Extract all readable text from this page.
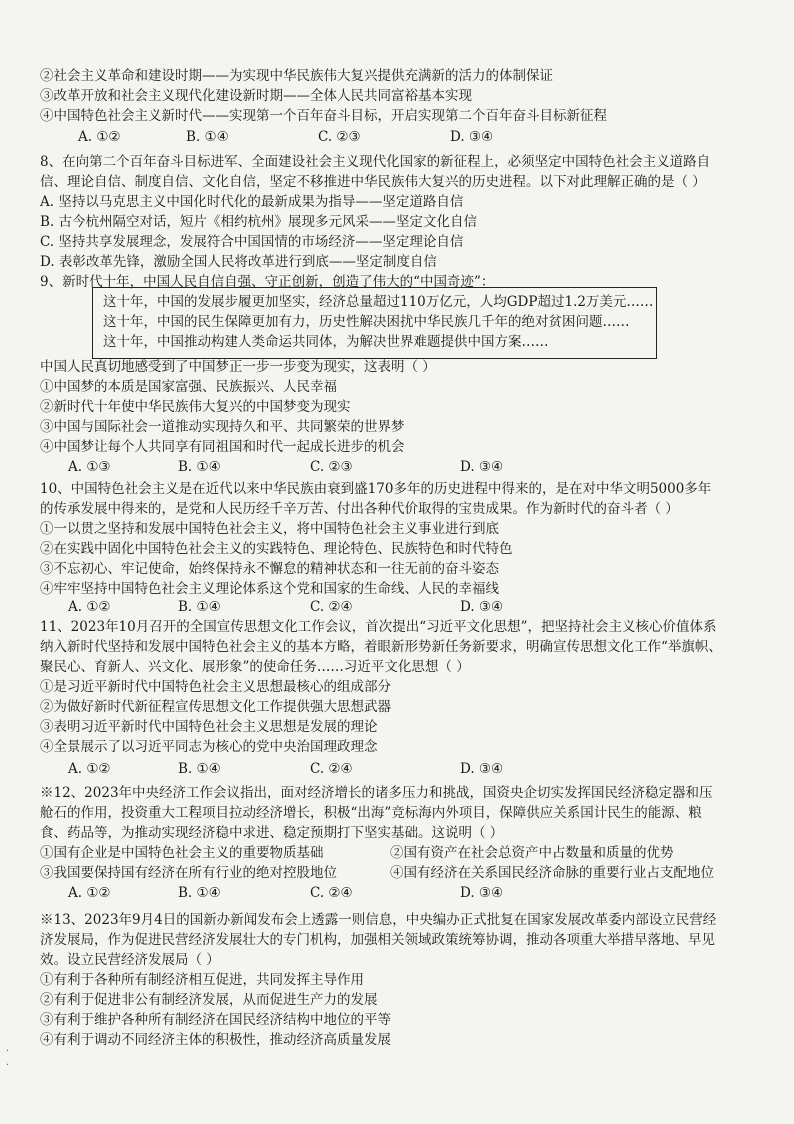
②社会主义革命和建设时期——为实现中华民族伟大复兴提供充满新的活力的体制保证
③改革开放和社会主义现代化建设新时期——全体人民共同富裕基本实现
④中国特色社会主义新时代——实现第一个百年奋斗目标，开启实现第二个百年奋斗目标新征程
A. ①②	B. ①④	C. ②③	D. ③④
8、在向第二个百年奋斗目标进军、全面建设社会主义现代化国家的新征程上，必须坚定中国特色社会主义道路自
信、理论自信、制度自信、文化自信，坚定不移推进中华民族伟大复兴的历史进程。以下对此理解正确的是（ ）
A. 坚持以马克思主义中国化时代化的最新成果为指导——坚定道路自信
B. 古今杭州隔空对话，短片《相约杭州》展现多元风采——坚定文化自信
C. 坚持共享发展理念，发展符合中国国情的市场经济——坚定理论自信
D. 表彰改革先锋，激励全国人民将改革进行到底——坚定制度自信
9、新时代十年，中国人民自信自强、守正创新，创造了伟大的“中国奇迹”：
这十年，中国的发展步履更加坚实，经济总量超过110万亿元，人均GDP超过1.2万美元……
这十年，中国的民生保障更加有力，历史性解决困扰中华民族几千年的绝对贫困问题……
这十年，中国推动构建人类命运共同体，为解决世界难题提供中国方案……
中国人民真切地感受到了中国梦正一步一步变为现实，这表明（ ）
①中国梦的本质是国家富强、民族振兴、人民幸福
②新时代十年使中华民族伟大复兴的中国梦变为现实
③中国与国际社会一道推动实现持久和平、共同繁荣的世界梦
④中国梦让每个人共同享有同祖国和时代一起成长进步的机会
A. ①③	B. ①④	C. ②③	D. ③④
10、中国特色社会主义是在近代以来中华民族由衰到盛170多年的历史进程中得来的，是在对中华文明5000多年
的传承发展中得来的，是党和人民历经千辛万苦、付出各种代价取得的宝贵成果。作为新时代的奋斗者（ ）
①一以贯之坚持和发展中国特色社会主义，将中国特色社会主义事业进行到底
②在实践中固化中国特色社会主义的实践特色、理论特色、民族特色和时代特色
③不忘初心、牢记使命，始终保持永不懈怠的精神状态和一往无前的奋斗姿态
④牢牢坚持中国特色社会主义理论体系这个党和国家的生命线、人民的幸福线
A. ①②	B. ①④	C. ②④	D. ③④
11、2023年10月召开的全国宣传思想文化工作会议，首次提出“习近平文化思想”，把坚持社会主义核心价值体系
纳入新时代坚持和发展中国特色社会主义的基本方略，着眼新形势新任务新要求，明确宣传思想文化工作“举旗帜、
聚民心、育新人、兴文化、展形象”的使命任务……习近平文化思想（ ）
①是习近平新时代中国特色社会主义思想最核心的组成部分
②为做好新时代新征程宣传思想文化工作提供强大思想武器
③表明习近平新时代中国特色社会主义思想是发展的理论
④全景展示了以习近平同志为核心的党中央治国理政理念
A. ①②	B. ①④	C. ②④	D. ③④
※12、2023年中央经济工作会议指出，面对经济增长的诸多压力和挑战，国资央企切实发挥国民经济稳定器和压
舱石的作用，投资重大工程项目拉动经济增长，积极“出海”竞标海内外项目，保障供应关系国计民生的能源、粮
食、药品等，为推动实现经济稳中求进、稳定预期打下坚实基础。这说明（ ）
①国有企业是中国特色社会主义的重要物质基础	②国有资产在社会总资产中占数量和质量的优势
③我国要保持国有经济在所有行业的绝对控股地位	④国有经济在关系国民经济命脉的重要行业占支配地位
A. ①②	B. ①④	C. ②④	D. ③④
※13、2023年9月4日的国新办新闻发布会上透露一则信息，中央编办正式批复在国家发展改革委内部设立民营经
济发展局，作为促进民营经济发展壮大的专门机构，加强相关领域政策统筹协调，推动各项重大举措早落地、早见
效。设立民营经济发展局（ ）
①有利于各种所有制经济相互促进，共同发挥主导作用
②有利于促进非公有制经济发展，从而促进生产力的发展
③有利于维护各种所有制经济在国民经济结构中地位的平等
④有利于调动不同经济主体的积极性，推动经济高质量发展
·
·
